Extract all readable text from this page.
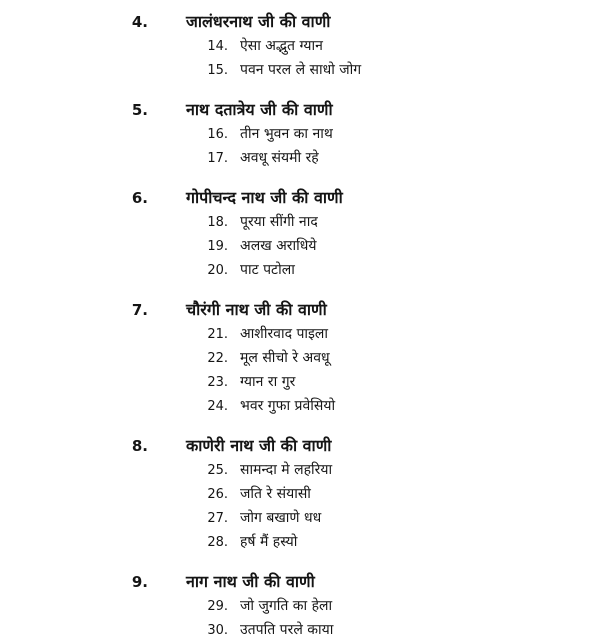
4.	जालंधरनाथ जी की वाणी
14. ऐसा अद्भुत ग्यान
15. पवन परल ले साधो जोग
5.	नाथ दतात्रेय जी की वाणी
16. तीन भुवन का नाथ
17. अवधू संयमी रहे
6.	गोपीचन्द नाथ जी की वाणी
18. पूरया सींगी नाद
19. अलख अराधिये
20. पाट पटोला
7.	चौरंगी नाथ जी की वाणी
21. आशीरवाद पाइला
22. मूल सीचो रे अवधू
23. ग्यान रा गुर
24. भवर गुफा प्रवेसियो
8.	काणेरी नाथ जी की वाणी
25. सामन्दा मे लहरिया
26. जति रे संयासी
27. जोग बखाणे धध
28. हर्ष मैं हस्यो
9.	नाग नाथ जी की वाणी
29. जो जुगति का हेला
30. उतपति परले काया
